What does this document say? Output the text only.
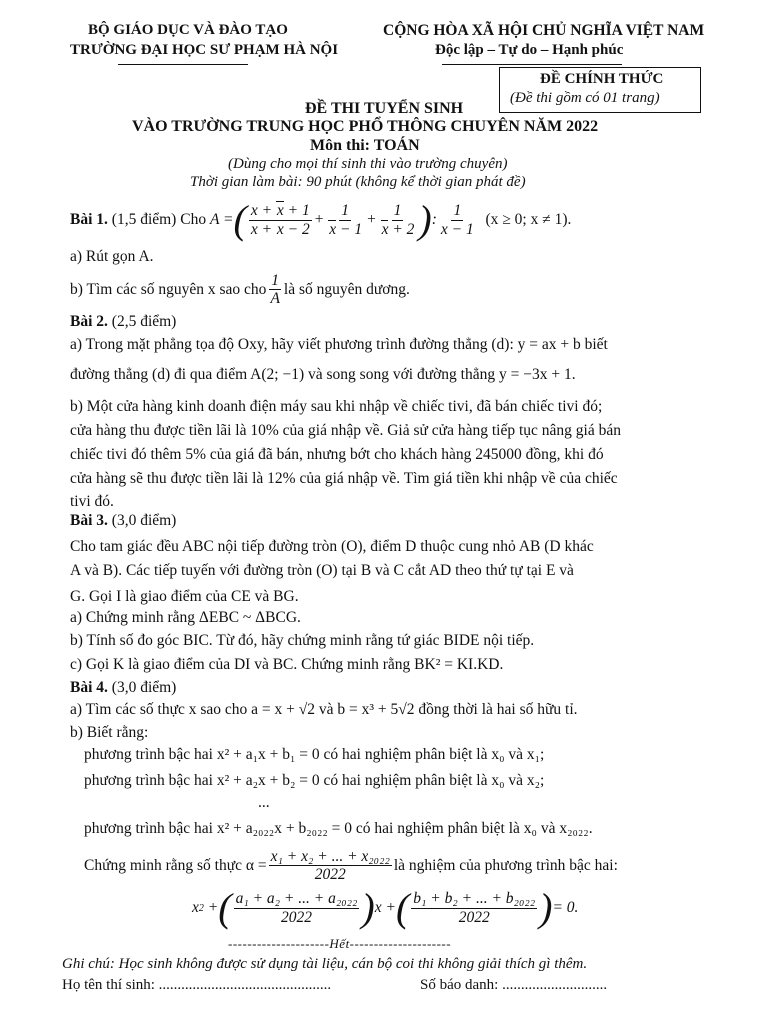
BỘ GIÁO DỤC VÀ ĐÀO TẠO
TRƯỜNG ĐẠI HỌC SƯ PHẠM HÀ NỘI
CỘNG HÒA XÃ HỘI CHỦ NGHĨA VIỆT NAM
Độc lập – Tự do – Hạnh phúc
ĐỀ CHÍNH THỨC
(Đề thi gồm có 01 trang)
ĐỀ THI TUYỂN SINH
VÀO TRƯỜNG TRUNG HỌC PHỔ THÔNG CHUYÊN NĂM 2022
Môn thi: TOÁN
(Dùng cho mọi thí sinh thi vào trường chuyên)
Thời gian làm bài: 90 phút (không kể thời gian phát đề)
Bài 1.
(1,5 điểm)
Cho
A = ( $\frac{x + x + 1}{x + x - 2} + \frac{1}{x - 1} + \frac{1}{x + 2}$ ) : $\frac{1}{x - 1}$
(x ≥ 0; x ≠ 1).
a) Rút gọn A.
b) Tìm các số nguyên x sao cho $\frac{1}{A}$ là số nguyên dương.
Bài 2. (2,5 điểm)
a) Trong mặt phẳng tọa độ Oxy, hãy viết phương trình đường thẳng (d): y = ax + b biết
đường thẳng (d) đi qua điểm A(2; −1) và song song với đường thẳng y = −3x + 1.
b) Một cửa hàng kinh doanh điện máy sau khi nhập về chiếc tivi, đã bán chiếc tivi đó;
cửa hàng thu được tiền lãi là 10% của giá nhập về. Giả sử cửa hàng tiếp tục nâng giá bán
chiếc tivi đó thêm 5% của giá đã bán, nhưng bớt cho khách hàng 245000 đồng, khi đó
cửa hàng sẽ thu được tiền lãi là 12% của giá nhập về. Tìm giá tiền khi nhập về của chiếc
tivi đó.
Bài 3. (3,0 điểm)
Cho tam giác đều ABC nội tiếp đường tròn (O), điểm D thuộc cung nhỏ AB (D khác
A và B). Các tiếp tuyến với đường tròn (O) tại B và C cắt AD theo thứ tự tại E và
G. Gọi I là giao điểm của CE và BG.
a) Chứng minh rằng ΔEBC ~ ΔBCG.
b) Tính số đo góc BIC. Từ đó, hãy chứng minh rằng tứ giác BIDE nội tiếp.
c) Gọi K là giao điểm của DI và BC. Chứng minh rằng BK² = KI.KD.
Bài 4. (3,0 điểm)
a) Tìm các số thực x sao cho a = x + √2 và b = x³ + 5√2 đồng thời là hai số hữu tỉ.
b) Biết rằng:
phương trình bậc hai x² + a₁x + b₁ = 0 có hai nghiệm phân biệt là x₀ và x₁;
phương trình bậc hai x² + a₂x + b₂ = 0 có hai nghiệm phân biệt là x₀ và x₂;
...
phương trình bậc hai x² + a₂₀₂₂x + b₂₀₂₂ = 0 có hai nghiệm phân biệt là x₀ và x₂₀₂₂.
Chứng minh rằng số thực $\alpha = \frac{\text{x₁ + x₂ + ... + x₂₀₂₂}}{2022}$ là nghiệm của phương trình bậc hai:
x 2 + ( $\frac{\text{a₁ + a₂ + ... + a₂₀₂₂}}{2022}$ ) x + ( $\frac{\text{b₁ + b₂ + ... + b₂₀₂₂}}{2022}$ ) = 0.
---------------------Hết---------------------
Ghi chú: Học sinh không được sử dụng tài liệu, cán bộ coi thi không giải thích gì thêm.
Họ tên thí sinh: ..............................................	Số báo danh: ............................
